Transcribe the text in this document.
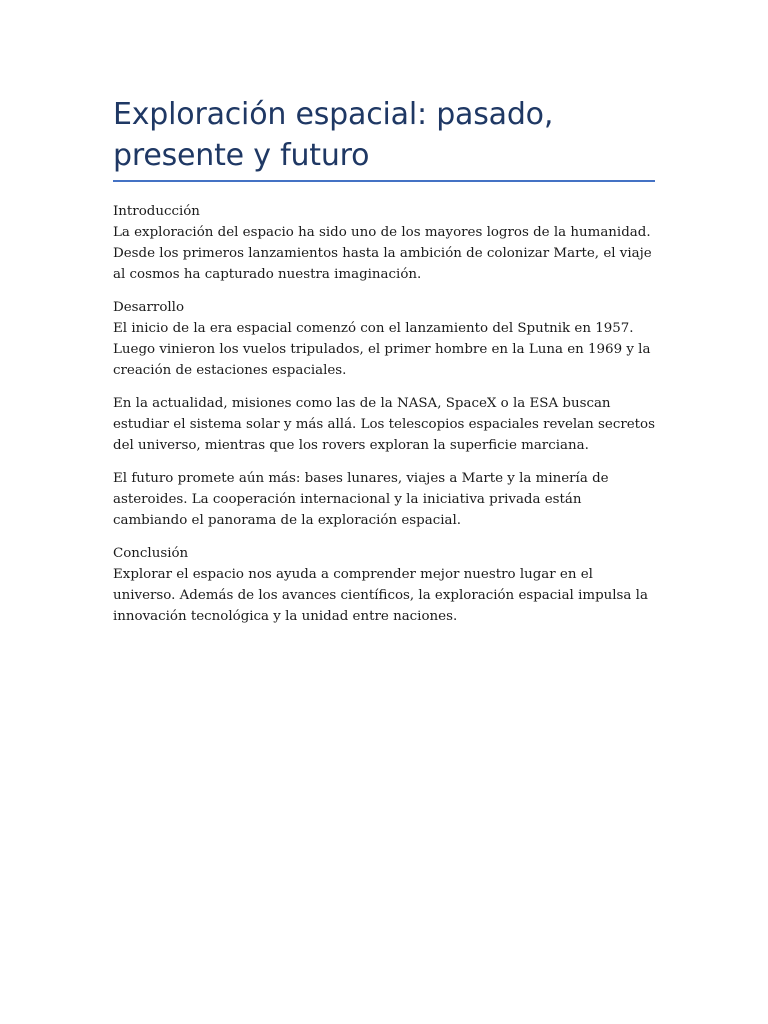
Exploración espacial: pasado, presente y futuro

Introducción
La exploración del espacio ha sido uno de los mayores logros de la humanidad. Desde los primeros lanzamientos hasta la ambición de colonizar Marte, el viaje al cosmos ha capturado nuestra imaginación.

Desarrollo
El inicio de la era espacial comenzó con el lanzamiento del Sputnik en 1957. Luego vinieron los vuelos tripulados, el primer hombre en la Luna en 1969 y la creación de estaciones espaciales.

En la actualidad, misiones como las de la NASA, SpaceX o la ESA buscan estudiar el sistema solar y más allá. Los telescopios espaciales revelan secretos del universo, mientras que los rovers exploran la superficie marciana.

El futuro promete aún más: bases lunares, viajes a Marte y la minería de asteroides. La cooperación internacional y la iniciativa privada están cambiando el panorama de la exploración espacial.

Conclusión
Explorar el espacio nos ayuda a comprender mejor nuestro lugar en el universo. Además de los avances científicos, la exploración espacial impulsa la innovación tecnológica y la unidad entre naciones.
